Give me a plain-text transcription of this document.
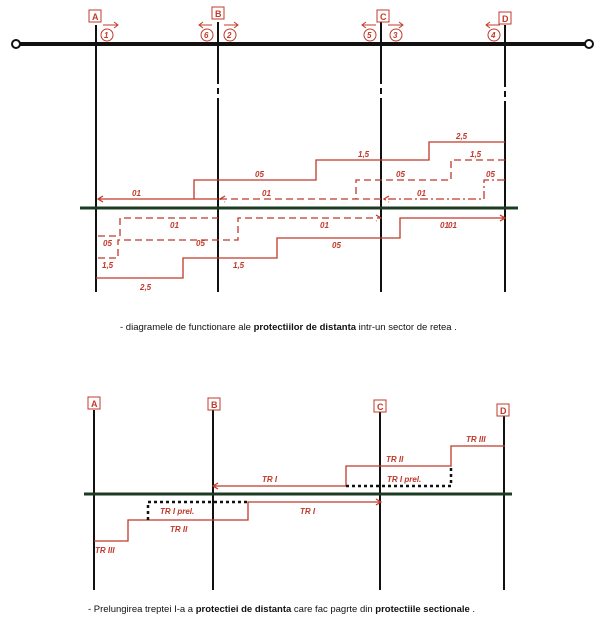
A	B	C	D
1	6 2	5	3	4
01
05
1,5
2,5
01
05
1,5
01
05
01
01
05
1,5
2,5
01
05
1,5
01
05
A	B	C	D
TR I
TR II
TR III
TR I prel.
TR I prel.
TR III
TR II
TR I
- diagramele de functionare ale protectiilor de distanta intr-un sector de retea .
- Prelungirea treptei I-a a protectiei de distanta care fac pagrte din protectiile sectionale .
